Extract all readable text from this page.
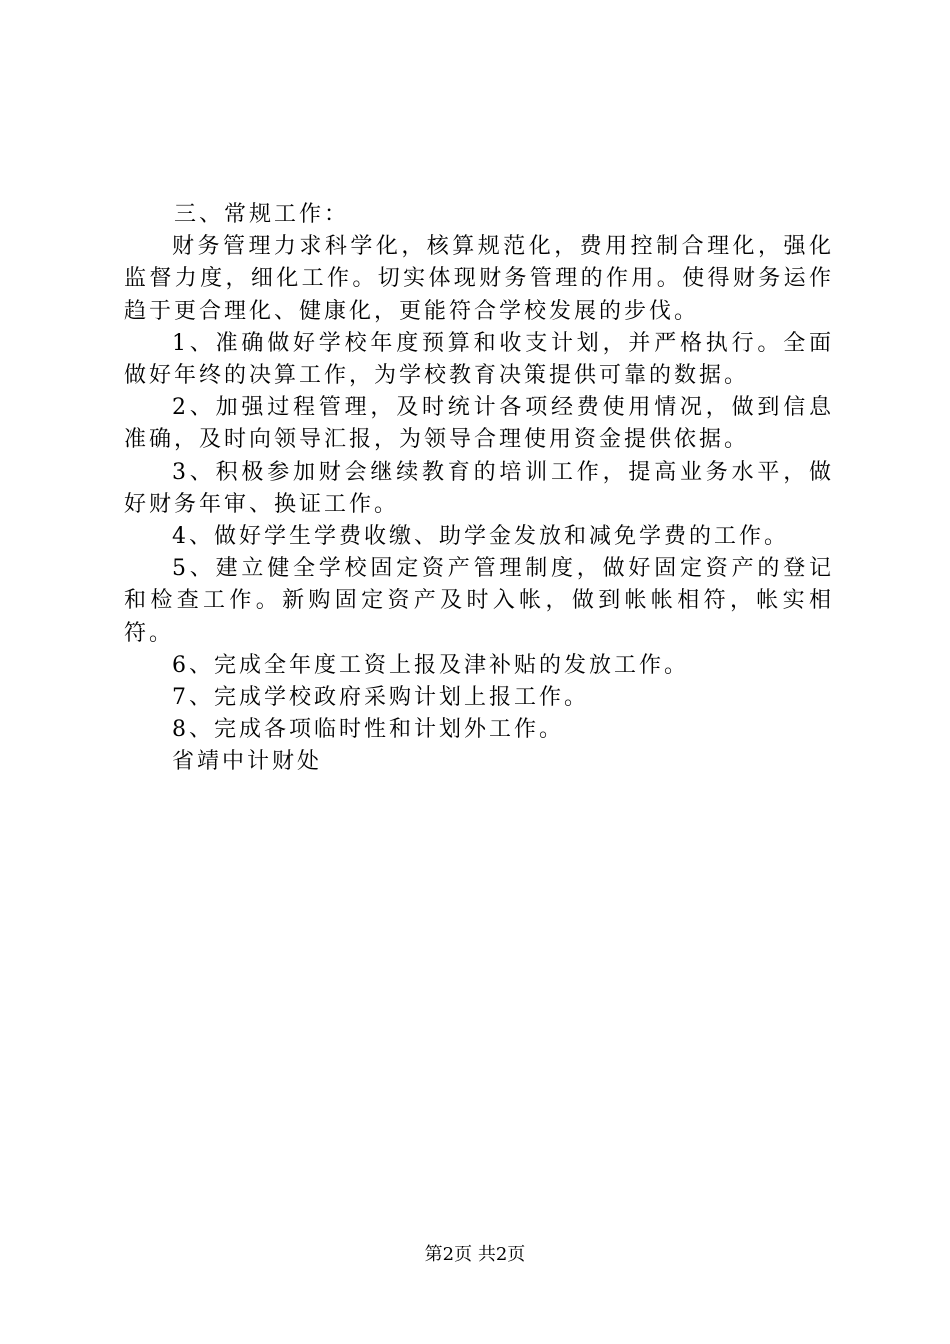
三、常规工作：

财务管理力求科学化，核算规范化，费用控制合理化，强化监督力度，细化工作。切实体现财务管理的作用。使得财务运作趋于更合理化、健康化，更能符合学校发展的步伐。

1、准确做好学校年度预算和收支计划，并严格执行。全面做好年终的决算工作，为学校教育决策提供可靠的数据。

2、加强过程管理，及时统计各项经费使用情况，做到信息准确，及时向领导汇报，为领导合理使用资金提供依据。

3、积极参加财会继续教育的培训工作，提高业务水平，做好财务年审、换证工作。

4、做好学生学费收缴、助学金发放和减免学费的工作。

5、建立健全学校固定资产管理制度，做好固定资产的登记和检查工作。新购固定资产及时入帐，做到帐帐相符，帐实相符。

6、完成全年度工资上报及津补贴的发放工作。

7、完成学校政府采购计划上报工作。

8、完成各项临时性和计划外工作。

省靖中计财处

第2页 共2页
